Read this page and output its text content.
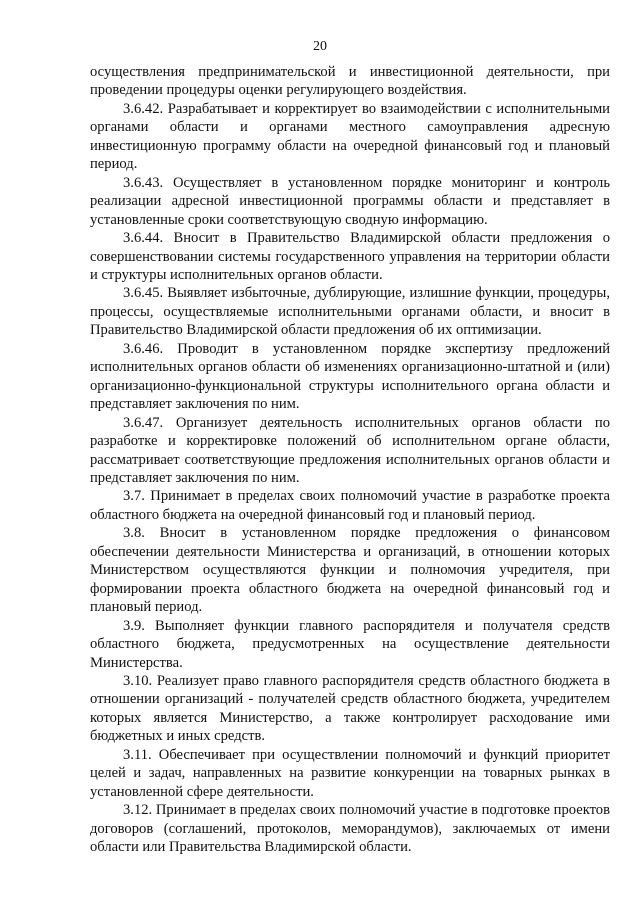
20

осуществления предпринимательской и инвестиционной деятельности, при проведении процедуры оценки регулирующего воздействия.

3.6.42. Разрабатывает и корректирует во взаимодействии с исполнительными органами области и органами местного самоуправления адресную инвестиционную программу области на очередной финансовый год и плановый период.

3.6.43. Осуществляет в установленном порядке мониторинг и контроль реализации адресной инвестиционной программы области и представляет в установленные сроки соответствующую сводную информацию.

3.6.44. Вносит в Правительство Владимирской области предложения о совершенствовании системы государственного управления на территории области и структуры исполнительных органов области.

3.6.45. Выявляет избыточные, дублирующие, излишние функции, процедуры, процессы, осуществляемые исполнительными органами области, и вносит в Правительство Владимирской области предложения об их оптимизации.

3.6.46. Проводит в установленном порядке экспертизу предложений исполнительных органов области об изменениях организационно-штатной и (или) организационно-функциональной структуры исполнительного органа области и представляет заключения по ним.

3.6.47. Организует деятельность исполнительных органов области по разработке и корректировке положений об исполнительном органе области, рассматривает соответствующие предложения исполнительных органов области и представляет заключения по ним.

3.7. Принимает в пределах своих полномочий участие в разработке проекта областного бюджета на очередной финансовый год и плановый период.

3.8. Вносит в установленном порядке предложения о финансовом обеспечении деятельности Министерства и организаций, в отношении которых Министерством осуществляются функции и полномочия учредителя, при формировании проекта областного бюджета на очередной финансовый год и плановый период.

3.9. Выполняет функции главного распорядителя и получателя средств областного бюджета, предусмотренных на осуществление деятельности Министерства.

3.10. Реализует право главного распорядителя средств областного бюджета в отношении организаций - получателей средств областного бюджета, учредителем которых является Министерство, а также контролирует расходование ими бюджетных и иных средств.

3.11. Обеспечивает при осуществлении полномочий и функций приоритет целей и задач, направленных на развитие конкуренции на товарных рынках в установленной сфере деятельности.

3.12. Принимает в пределах своих полномочий участие в подготовке проектов договоров (соглашений, протоколов, меморандумов), заключаемых от имени области или Правительства Владимирской области.
